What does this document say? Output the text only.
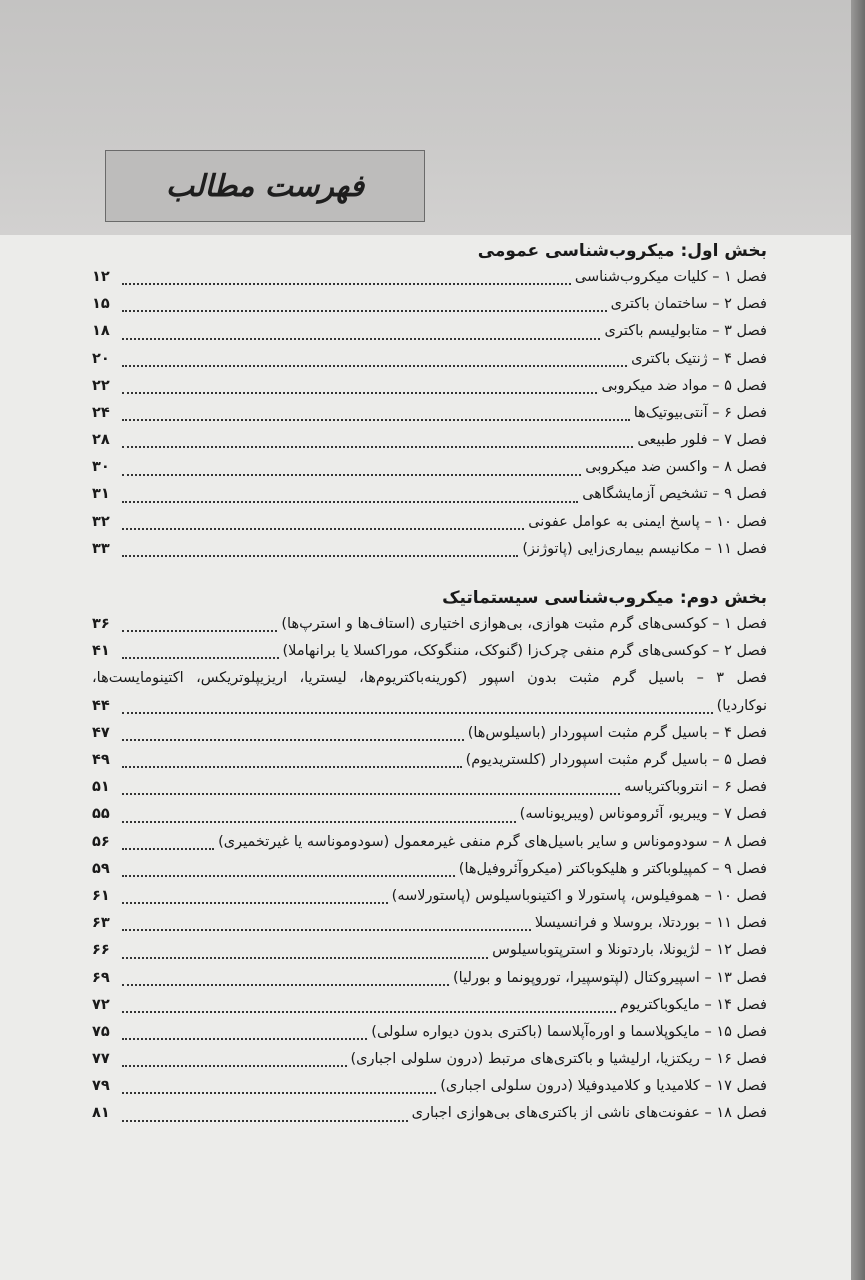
فهرست مطالب
بخش اول: میکروب‌شناسی عمومی
فصل ۱ – کلیات میکروب‌شناسی
۱۲
فصل ۲ – ساختمان باکتری
۱۵
فصل ۳ – متابولیسم باکتری
۱۸
فصل ۴ – ژنتیک باکتری
۲۰
فصل ۵ – مواد ضد میکروبی
۲۲
فصل ۶ – آنتی‌بیوتیک‌ها
۲۴
فصل ۷ – فلور طبیعی
۲۸
فصل ۸ – واکسن ضد میکروبی
۳۰
فصل ۹ – تشخیص آزمایشگاهی
۳۱
فصل ۱۰ – پاسخ ایمنی به عوامل عفونی
۳۲
فصل ۱۱ – مکانیسم بیماری‌زایی (پاتوژنز)
۳۳
بخش دوم: میکروب‌شناسی سیستماتیک
فصل ۱ – کوکسی‌های گرم مثبت هوازی، بی‌هوازی اختیاری (استاف‌ها و استرپ‌ها)
۳۶
فصل ۲ – کوکسی‌های گرم منفی چرک‌زا (گنوکک، مننگوکک، موراکسلا یا برانهاملا)
۴۱
فصل ۳ – باسیل گرم مثبت بدون اسپور (کورینه‌باکتریوم‌ها، لیستریا، اریزیپلوتریکس، اکتینومایست‌ها،
نوکاردیا)
۴۴
فصل ۴ – باسیل گرم مثبت اسپوردار (باسیلوس‌ها)
۴۷
فصل ۵ – باسیل گرم مثبت اسپوردار (کلستریدیوم)
۴۹
فصل ۶ – انتروباکتریاسه
۵۱
فصل ۷ – ویبریو، آئروموناس (ویبریوناسه)
۵۵
فصل ۸ – سودوموناس و سایر باسیل‌های گرم منفی غیرمعمول (سودوموناسه یا غیرتخمیری)
۵۶
فصل ۹ – کمپیلوباکتر و هلیکوباکتر (میکروآئروفیل‌ها)
۵۹
فصل ۱۰ – هموفیلوس، پاستورلا و اکتینوباسیلوس (پاستورلاسه)
۶۱
فصل ۱۱ – بوردتلا، بروسلا و فرانسیسلا
۶۳
فصل ۱۲ – لژیونلا، باردتونلا و استرپتوباسیلوس
۶۶
فصل ۱۳ – اسپیروکتال (لپتوسپیرا، توروپونما و بورلیا)
۶۹
فصل ۱۴ – مایکوباکتریوم
۷۲
فصل ۱۵ – مایکوپلاسما و اوره‌آپلاسما (باکتری بدون دیواره سلولی)
۷۵
فصل ۱۶ – ریکتزیا، ارلیشیا و باکتری‌های مرتبط (درون سلولی اجباری)
۷۷
فصل ۱۷ – کلامیدیا و کلامیدوفیلا (درون سلولی اجباری)
۷۹
فصل ۱۸ – عفونت‌های ناشی از باکتری‌های بی‌هوازی اجباری
۸۱
